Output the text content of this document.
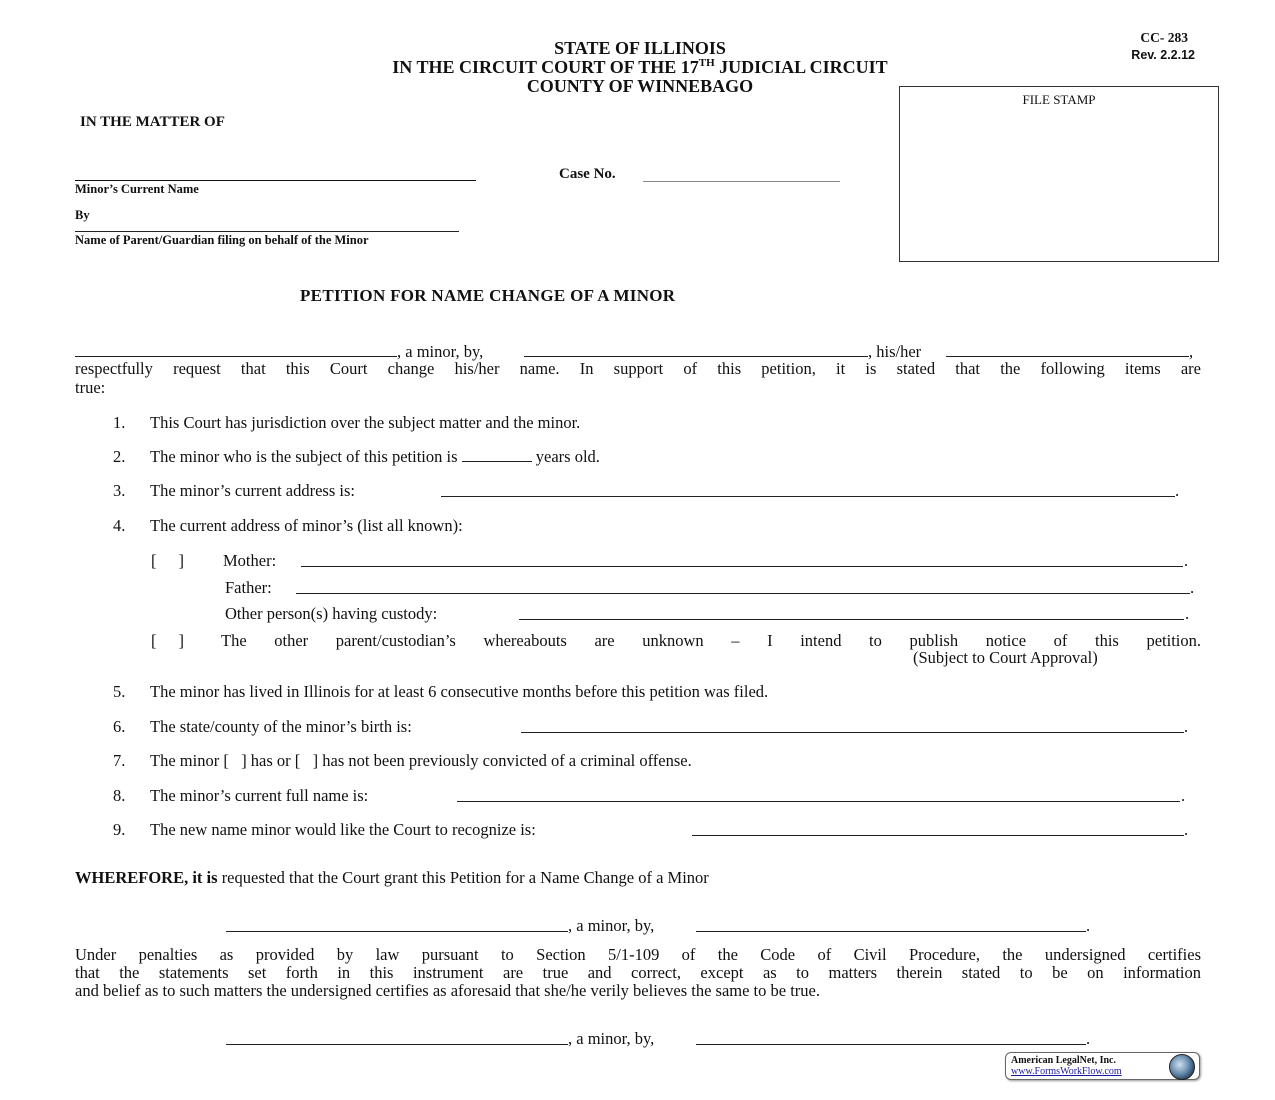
STATE OF ILLINOIS
IN THE CIRCUIT COURT OF THE 17TH JUDICIAL CIRCUIT
COUNTY OF WINNEBAGO
CC- 283
Rev. 2.2.12
FILE STAMP
IN THE MATTER OF
Minor’s Current Name
By
Name of Parent/Guardian filing on behalf of the Minor
Case No.
PETITION FOR NAME CHANGE OF A MINOR
, a minor, by,	, his/her	,
respectfully request that this Court change his/her name. In support of this petition, it is stated that the following items are
true:
1. This Court has jurisdiction over the subject matter and the minor.
2. The minor who is the subject of this petition is	years old.
3. The minor’s current address is:	.
4. The current address of minor’s (list all known):
[ ] Mother:	.
Father:	.
Other person(s) having custody:	.
[ ] The other parent/custodian’s whereabouts are unknown – I intend to publish notice of this petition.
(Subject to Court Approval)
5. The minor has lived in Illinois for at least 6 consecutive months before this petition was filed.
6. The state/county of the minor’s birth is:	.
7. The minor [ ] has or [ ] has not been previously convicted of a criminal offense.
8. The minor’s current full name is:	.
9. The new name minor would like the Court to recognize is:	.
WHEREFORE, it is requested that the Court grant this Petition for a Name Change of a Minor
, a minor, by,	.
Under penalties as provided by law pursuant to Section 5/1-109 of the Code of Civil Procedure, the undersigned certifies
that the statements set forth in this instrument are true and correct, except as to matters therein stated to be on information
and belief as to such matters the undersigned certifies as aforesaid that she/he verily believes the same to be true.
, a minor, by,	.
American LegalNet, Inc.
www.FormsWorkFlow.com
